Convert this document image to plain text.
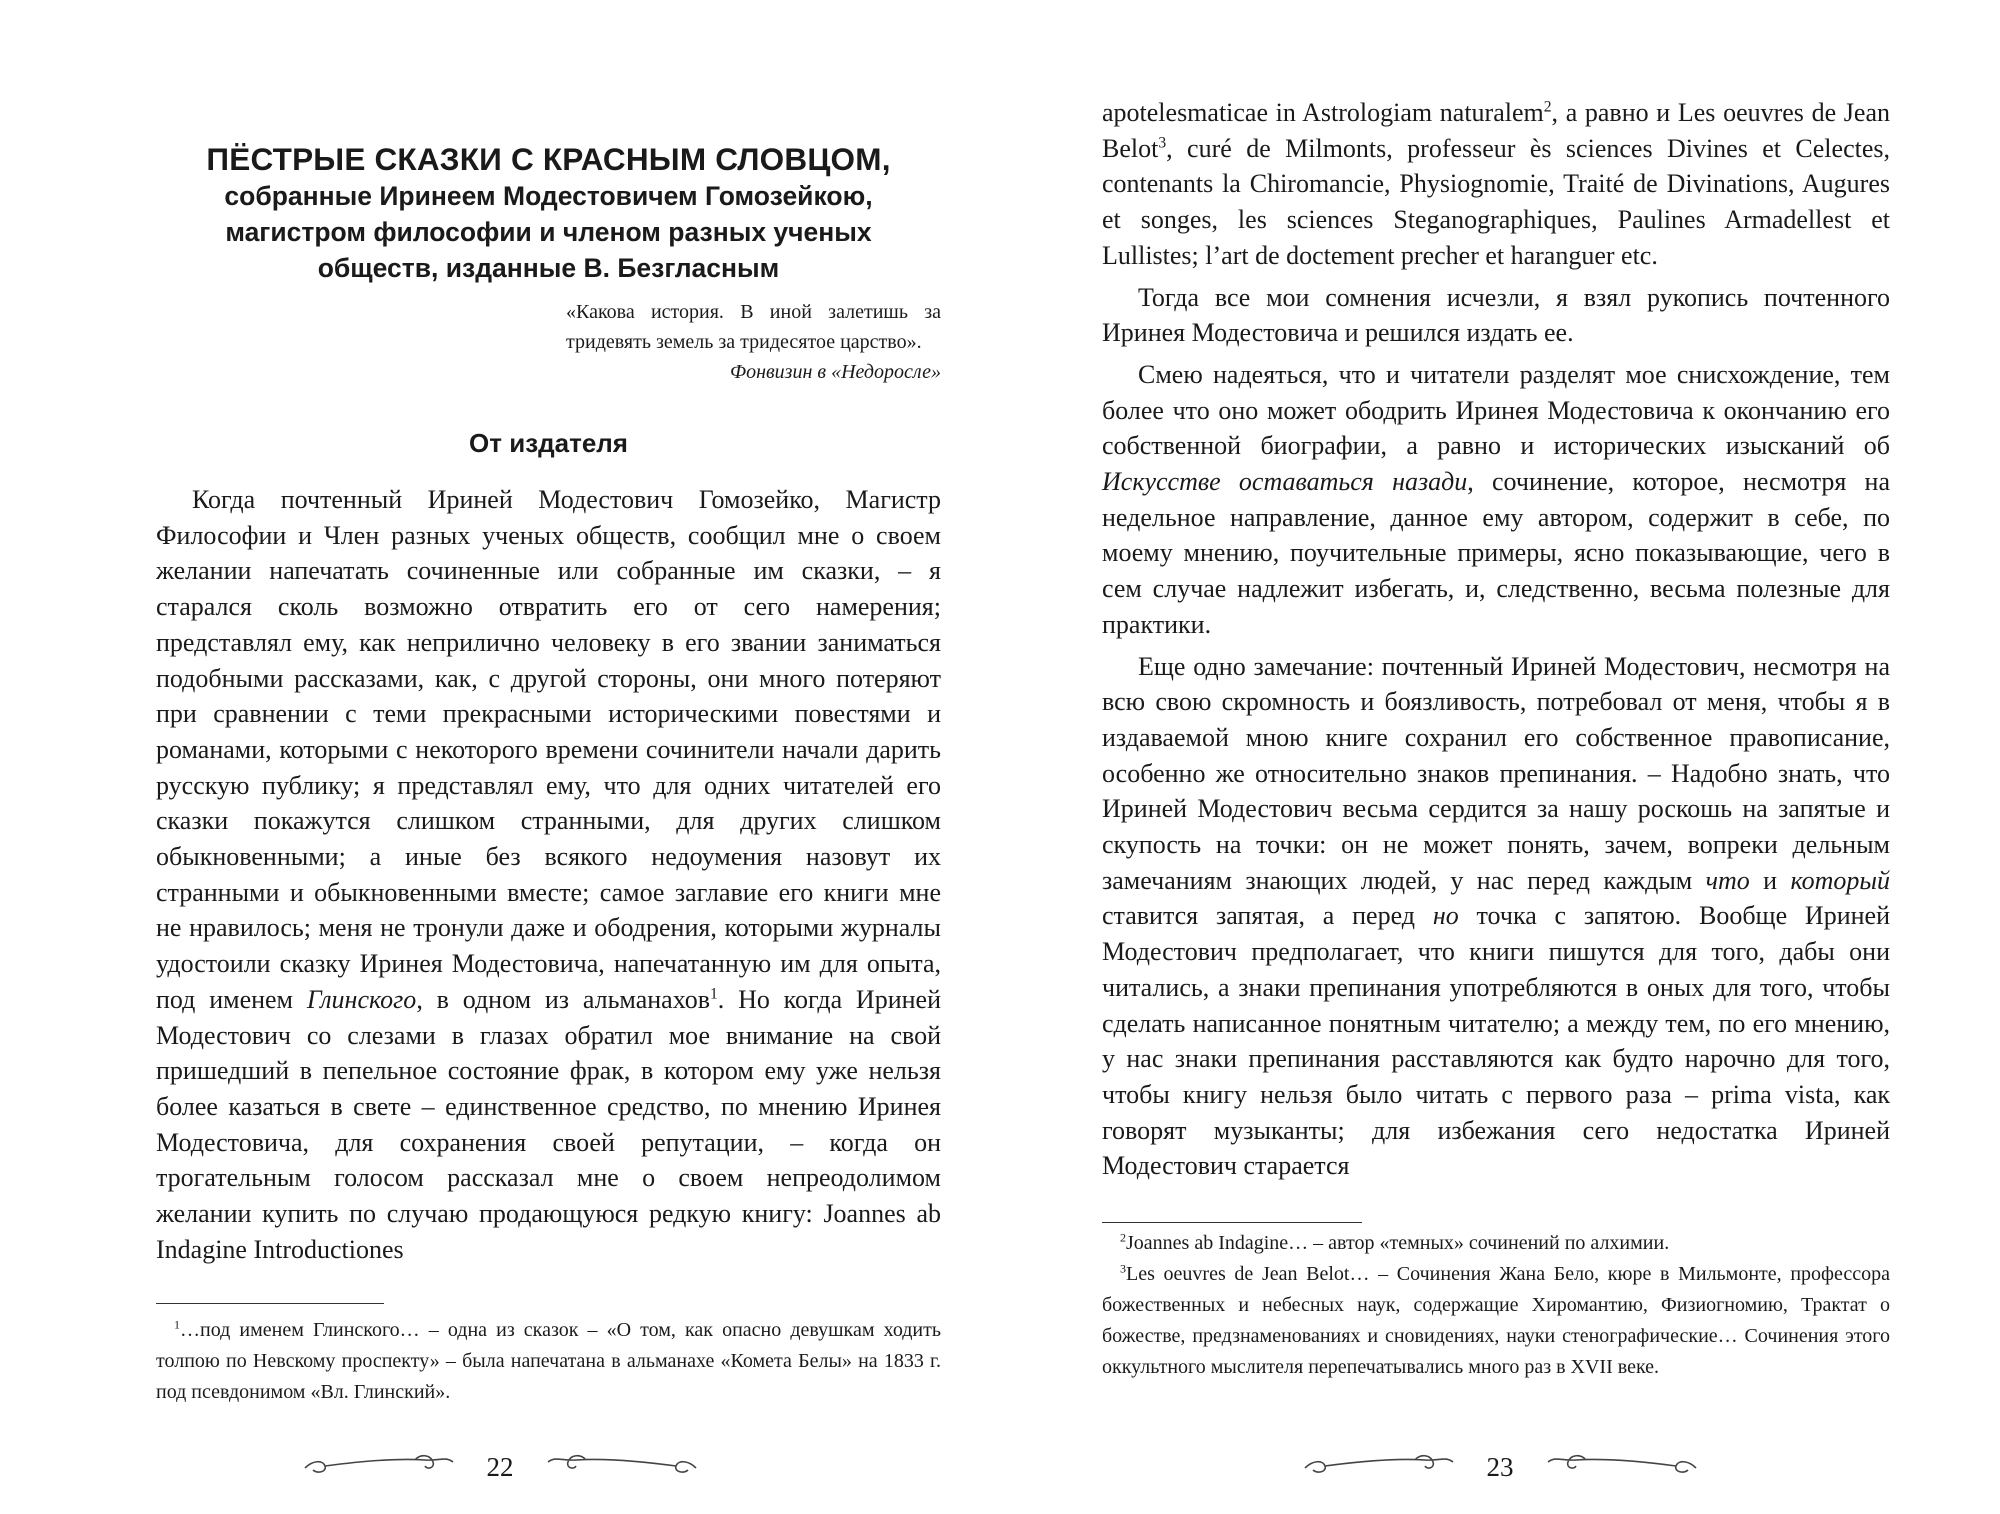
ПЁСТРЫЕ СКАЗКИ С КРАСНЫМ СЛОВЦОМ,

собранные Иринеем Модестовичем Гомозейкою, магистром философии и членом разных ученых обществ, изданные В. Безгласным

«Какова история. В иной залетишь за тридевять земель за тридесятое царство».
Фонвизин в «Недоросле»
От издателя

Когда почтенный Ириней Модестович Гомозейко, Магистр Философии и Член разных ученых обществ, сообщил мне о своем желании напечатать сочиненные или собранные им сказки, – я старался сколь возможно отвратить его от сего намерения; представлял ему, как неприлично человеку в его звании заниматься подобными рассказами, как, с другой стороны, они много потеряют при сравнении с теми прекрасными историческими повестями и романами, которыми с некоторого времени сочинители начали дарить русскую публику; я представлял ему, что для одних читателей его сказки покажутся слишком странными, для других слишком обыкновенными; а иные без всякого недоумения назовут их странными и обыкновенными вместе; самое заглавие его книги мне не нравилось; меня не тронули даже и ободрения, которыми журналы удостоили сказку Иринея Модестовича, напечатанную им для опыта, под именем Глинского, в одном из альманахов$^1$. Но когда Ириней Модестович со слезами в глазах обратил мое внимание на свой пришедший в пепельное состояние фрак, в котором ему уже нельзя более казаться в свете – единственное средство, по мнению Иринея Модестовича, для сохранения своей репутации, – когда он трогательным голосом рассказал мне о своем непреодолимом желании купить по случаю продающуюся редкую книгу: Joannes ab Indagine Introductiones

$^1$…под именем Глинского… – одна из сказок – «О том, как опасно девушкам ходить толпою по Невскому проспекту» – была напечатана в альманахе «Комета Белы» на 1833 г. под псевдонимом «Вл. Глинский».

22

apotelesmaticae in Astrologiam naturalem$^2$, а равно и Les oeuvres de Jean Belot$^3$, curé de Milmonts, professeur ès sciences Divines et Celectes, contenants la Chiromancie, Physiognomie, Traité de Divinations, Augures et songes, les sciences Steganographiques, Paulines Armadellest et Lullistes; l’art de doctement precher et haranguer etc.

Тогда все мои сомнения исчезли, я взял рукопись почтенного Иринея Модестовича и решился издать ее.

Смею надеяться, что и читатели разделят мое снисхождение, тем более что оно может ободрить Иринея Модестовича к окончанию его собственной биографии, а равно и исторических изысканий об Искусстве оставаться назади, сочинение, которое, несмотря на недельное направление, данное ему автором, содержит в себе, по моему мнению, поучительные примеры, ясно показывающие, чего в сем случае надлежит избегать, и, следственно, весьма полезные для практики.

Еще одно замечание: почтенный Ириней Модестович, несмотря на всю свою скромность и боязливость, потребовал от меня, чтобы я в издаваемой мною книге сохранил его собственное правописание, особенно же относительно знаков препинания. – Надобно знать, что Ириней Модестович весьма сердится за нашу роскошь на запятые и скупость на точки: он не может понять, зачем, вопреки дельным замечаниям знающих людей, у нас перед каждым что и который ставится запятая, а перед но точка с запятою. Вообще Ириней Модестович предполагает, что книги пишутся для того, дабы они читались, а знаки препинания употребляются в оных для того, чтобы сделать написанное понятным читателю; а между тем, по его мнению, у нас знаки препинания расставляются как будто нарочно для того, чтобы книгу нельзя было читать с первого раза – prima vista, как говорят музыканты; для избежания сего недостатка Ириней Модестович старается

$^2$Joannes ab Indagine… – автор «темных» сочинений по алхимии.

$^3$Les oeuvres de Jean Belot… – Сочинения Жана Бело, кюре в Мильмонте, профессора божественных и небесных наук, содержащие Хиромантию, Физиогномию, Трактат о божестве, предзнаменованиях и сновидениях, науки стенографические… Сочинения этого оккультного мыслителя перепечатывались много раз в XVII веке.

23
